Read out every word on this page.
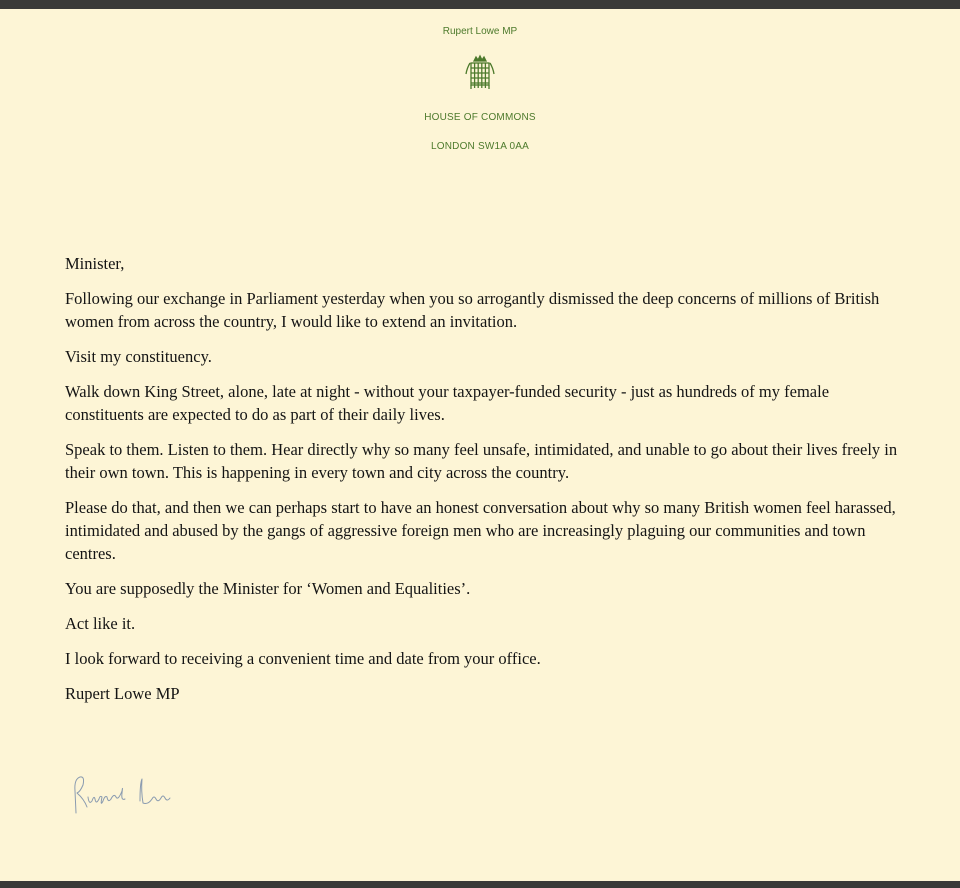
Rupert Lowe MP
HOUSE OF COMMONS
LONDON SW1A 0AA

Minister,

Following our exchange in Parliament yesterday when you so arrogantly dismissed the deep concerns of millions of British women from across the country, I would like to extend an invitation.

Visit my constituency.

Walk down King Street, alone, late at night - without your taxpayer-funded security - just as hundreds of my female constituents are expected to do as part of their daily lives.

Speak to them. Listen to them. Hear directly why so many feel unsafe, intimidated, and unable to go about their lives freely in their own town. This is happening in every town and city across the country.

Please do that, and then we can perhaps start to have an honest conversation about why so many British women feel harassed, intimidated and abused by the gangs of aggressive foreign men who are increasingly plaguing our communities and town centres.

You are supposedly the Minister for ‘Women and Equalities’.

Act like it.

I look forward to receiving a convenient time and date from your office.

Rupert Lowe MP
